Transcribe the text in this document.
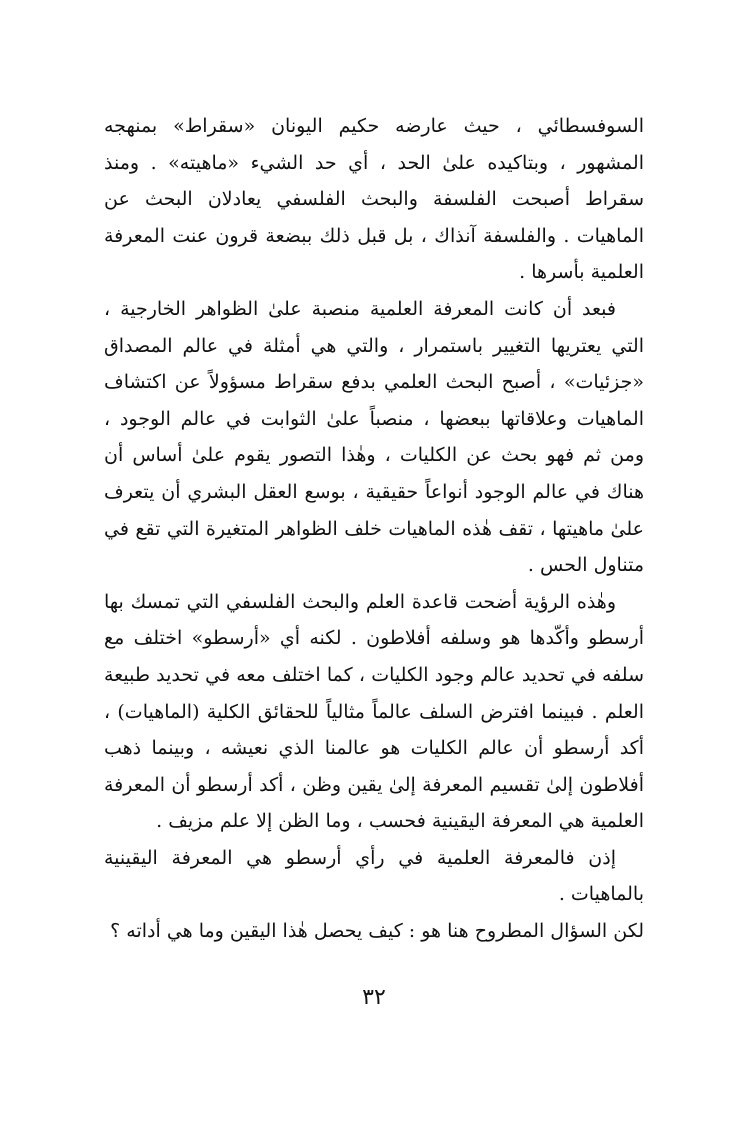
السوفسطائي ، حيث عارضه حكيم اليونان «سقراط» بمنهجه المشهور ، وبتاكيده علىٰ الحد ، أي حد الشيء «ماهيته» . ومنذ سقراط أصبحت الفلسفة والبحث الفلسفي يعادلان البحث عن الماهيات . والفلسفة آنذاك ، بل قبل ذلك ببضعة قرون عنت المعرفة العلمية بأسرها .

فبعد أن كانت المعرفة العلمية منصبة علىٰ الظواهر الخارجية ، التي يعتريها التغيير باستمرار ، والتي هي أمثلة في عالم المصداق «جزئيات» ، أصبح البحث العلمي بدفع سقراط مسؤولاً عن اكتشاف الماهيات وعلاقاتها ببعضها ، منصباً علىٰ الثوابت في عالم الوجود ، ومن ثم فهو بحث عن الكليات ، وهٰذا التصور يقوم علىٰ أساس أن هناك في عالم الوجود أنواعاً حقيقية ، بوسع العقل البشري أن يتعرف علىٰ ماهيتها ، تقف هٰذه الماهيات خلف الظواهر المتغيرة التي تقع في متناول الحس .

وهٰذه الرؤية أضحت قاعدة العلم والبحث الفلسفي التي تمسك بها أرسطو وأكّدها هو وسلفه أفلاطون . لكنه أي «أرسطو» اختلف مع سلفه في تحديد عالم وجود الكليات ، كما اختلف معه في تحديد طبيعة العلم . فبينما افترض السلف عالماً مثالياً للحقائق الكلية (الماهيات) ، أكد أرسطو أن عالم الكليات هو عالمنا الذي نعيشه ، وبينما ذهب أفلاطون إلىٰ تقسيم المعرفة إلىٰ يقين وظن ، أكد أرسطو أن المعرفة العلمية هي المعرفة اليقينية فحسب ، وما الظن إلا علم مزيف .

إذن فالمعرفة العلمية في رأي أرسطو هي المعرفة اليقينية بالماهيات .

لكن السؤال المطروح هنا هو : كيف يحصل هٰذا اليقين وما هي أداته ؟

٣٢
